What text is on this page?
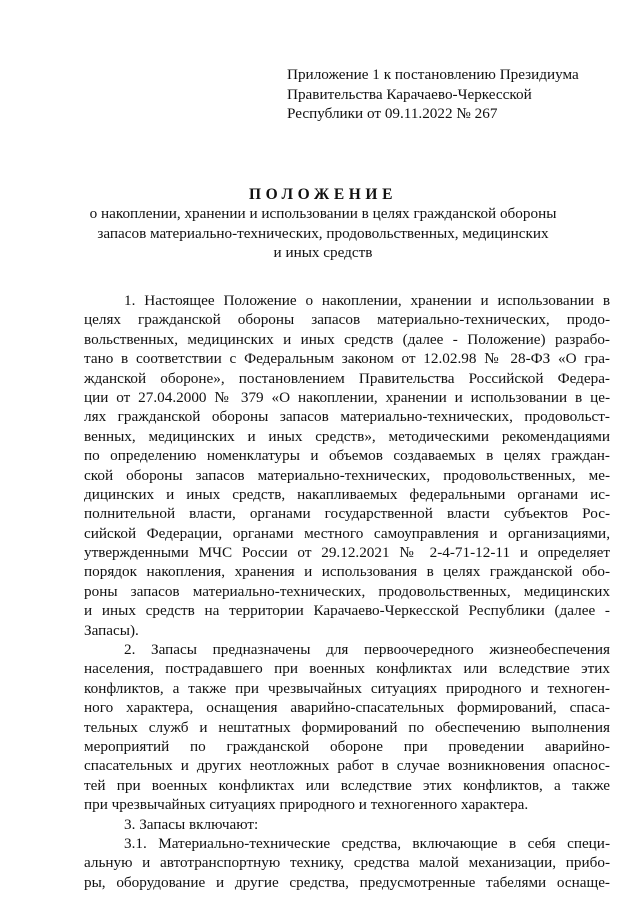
Приложение 1 к постановлению Президиума
Правительства Карачаево-Черкесской
Республики от 09.11.2022 № 267
ПОЛОЖЕНИЕ
о накоплении, хранении и использовании в целях гражданской обороны
запасов материально-технических, продовольственных, медицинских
и иных средств
1. Настоящее Положение о накоплении, хранении и использовании в
целях гражданской обороны запасов материально-технических, продо-
вольственных, медицинских и иных средств (далее - Положение) разрабо-
тано в соответствии с Федеральным законом от 12.02.98 № 28-ФЗ «О гра-
жданской обороне», постановлением Правительства Российской Федера-
ции от 27.04.2000 № 379 «О накоплении, хранении и использовании в це-
лях гражданской обороны запасов материально-технических, продовольст-
венных, медицинских и иных средств», методическими рекомендациями
по определению номенклатуры и объемов создаваемых в целях граждан-
ской обороны запасов материально-технических, продовольственных, ме-
дицинских и иных средств, накапливаемых федеральными органами ис-
полнительной власти, органами государственной власти субъектов Рос-
сийской Федерации, органами местного самоуправления и организациями,
утвержденными МЧС России от 29.12.2021 № 2-4-71-12-11 и определяет
порядок накопления, хранения и использования в целях гражданской обо-
роны запасов материально-технических, продовольственных, медицинских
и иных средств на территории Карачаево-Черкесской Республики (далее -
Запасы).
2. Запасы предназначены для первоочередного жизнеобеспечения
населения, пострадавшего при военных конфликтах или вследствие этих
конфликтов, а также при чрезвычайных ситуациях природного и техноген-
ного характера, оснащения аварийно-спасательных формирований, спаса-
тельных служб и нештатных формирований по обеспечению выполнения
мероприятий по гражданской обороне при проведении аварийно-
спасательных и других неотложных работ в случае возникновения опаснос-
тей при военных конфликтах или вследствие этих конфликтов, а также
при чрезвычайных ситуациях природного и техногенного характера.
3. Запасы включают:
3.1. Материально-технические средства, включающие в себя специ-
альную и автотранспортную технику, средства малой механизации, прибо-
ры, оборудование и другие средства, предусмотренные табелями оснаще-
